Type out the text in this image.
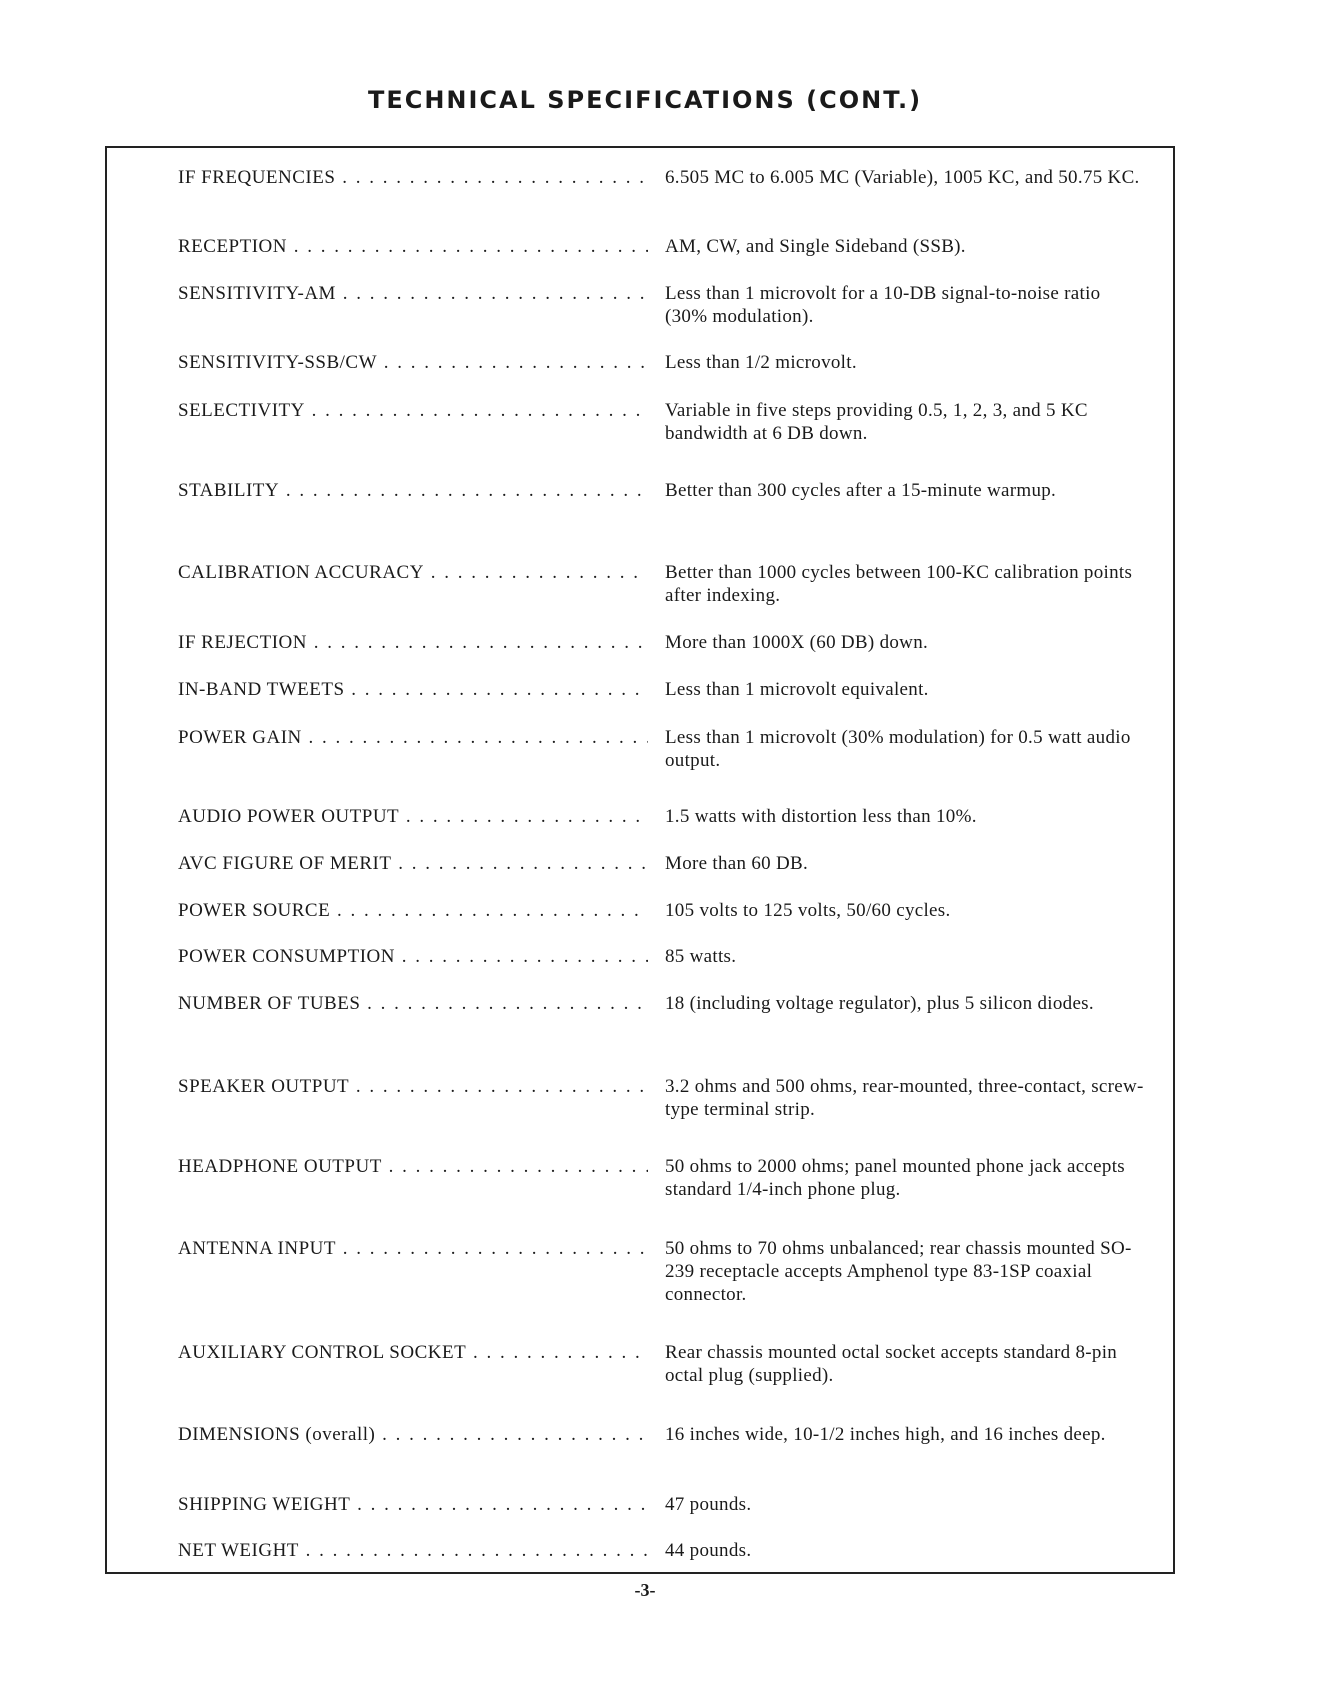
TECHNICAL SPECIFICATIONS (CONT.)
-3-
IF FREQUENCIES . . .	6.505 MC to 6.005 MC (Variable), 1005 KC, and 50.75 KC.
RECEPTION . . .	AM, CW, and Single Sideband (SSB).
SENSITIVITY-AM . . .	Less than 1 microvolt for a 10-DB signal-to-noise ratio (30% modulation).
SENSITIVITY-SSB/CW . . .	Less than 1/2 microvolt.
SELECTIVITY . . .	Variable in five steps providing 0.5, 1, 2, 3, and 5 KC bandwidth at 6 DB down.
STABILITY . . .	Better than 300 cycles after a 15-minute warmup.
CALIBRATION ACCURACY . . .	Better than 1000 cycles between 100-KC calibration points after indexing.
IF REJECTION . . .	More than 1000X (60 DB) down.
IN-BAND TWEETS . . .	Less than 1 microvolt equivalent.
POWER GAIN . . .	Less than 1 microvolt (30% modulation) for 0.5 watt audio output.
AUDIO POWER OUTPUT . . .	1.5 watts with distortion less than 10%.
AVC FIGURE OF MERIT . . .	More than 60 DB.
POWER SOURCE . . .	105 volts to 125 volts, 50/60 cycles.
POWER CONSUMPTION . . .	85 watts.
NUMBER OF TUBES . . .	18 (including voltage regulator), plus 5 silicon diodes.
SPEAKER OUTPUT . . .	3.2 ohms and 500 ohms, rear-mounted, three-contact, screw-type terminal strip.
HEADPHONE OUTPUT . . .	50 ohms to 2000 ohms; panel mounted phone jack accepts standard 1/4-inch phone plug.
ANTENNA INPUT . . .	50 ohms to 70 ohms unbalanced; rear chassis mounted SO-239 receptacle accepts Amphenol type 83-1SP coaxial connector.
AUXILIARY CONTROL SOCKET . . .	Rear chassis mounted octal socket accepts standard 8-pin octal plug (supplied).
DIMENSIONS (overall) . . .	16 inches wide, 10-1/2 inches high, and 16 inches deep.
SHIPPING WEIGHT . . .	47 pounds.
NET WEIGHT . . .	44 pounds.
